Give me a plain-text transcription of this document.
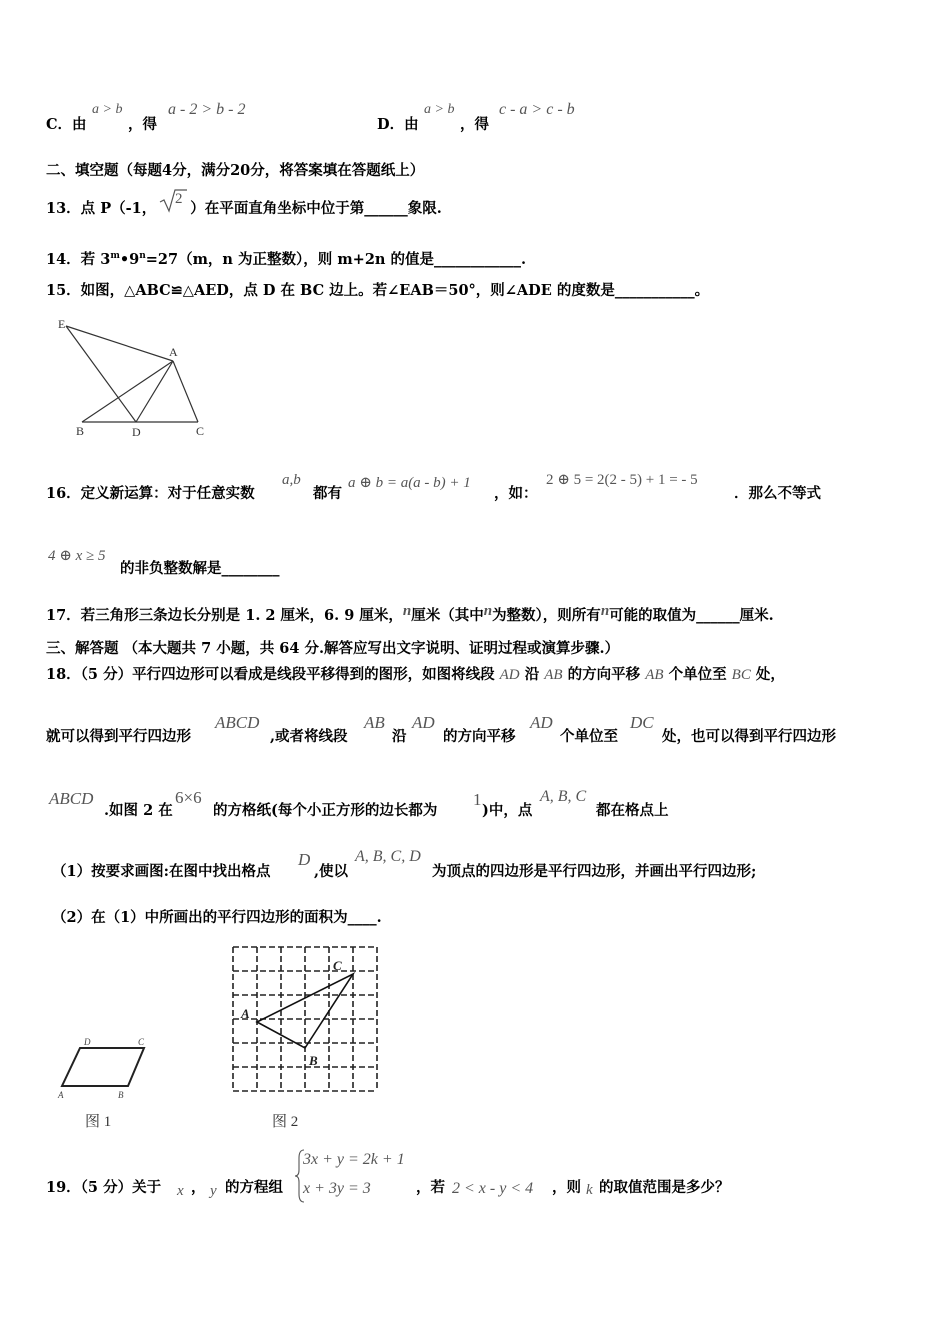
C．由
a > b
，得
a - 2 > b - 2
D．由
a > b
，得
c - a > c - b
二、填空题（每题4分，满分20分，将答案填在答题纸上）
13．点 P（-1， ）在平面直角坐标中位于第______象限.
2
14．若 $3^m•9^n=27(m$，n 为正整数），则 m+2n 的值是____________.
15．如图，△ABC≌△AED，点 D 在 BC 边上。若∠EAB＝50°，则∠ADE 的度数是___________。
E
A
B	D	C
16．定义新运算：对于任意实数
a,b
都有
a ⊕ b = a(a - b) + 1
，如：
2 ⊕ 5 = 2(2 - 5) + 1 = - 5
．那么不等式
4 ⊕ x ≥ 5
的非负整数解是________
17．若三角形三条边长分别是 1. 2 厘米，6. 9 厘米，n厘米（其中n为整数），则所有n可能的取值为______厘米.
三、解答题 （本大题共 7 小题，共 64 分.解答应写出文字说明、证明过程或演算步骤.）
18．（5 分）平行四边形可以看成是线段平移得到的图形，如图将线段 AD 沿 AB 的方向平移 AB 个单位至 BC 处，
就可以得到平行四边形
ABCD
,或者将线段
AB
沿
AD
的方向平移
AD
个单位至
DC
处，也可以得到平行四边形
ABCD
.如图 2 在
6×6
的方格纸(每个小正方形的边长都为
1
)中，点
A, B, C
都在格点上
（1）按要求画图:在图中找出格点
D
,使以
A, B, C, D
为顶点的四边形是平行四边形，并画出平行四边形;
（2）在（1）中所画出的平行四边形的面积为____.
D	C
A	B
图 1
A
B
C
图 2
19．（5 分）关于 x ， y 的方程组
3x + y = 2k + 1
x + 3y = 3	，若 2 < x - y < 4 ，则 k 的取值范围是多少？
